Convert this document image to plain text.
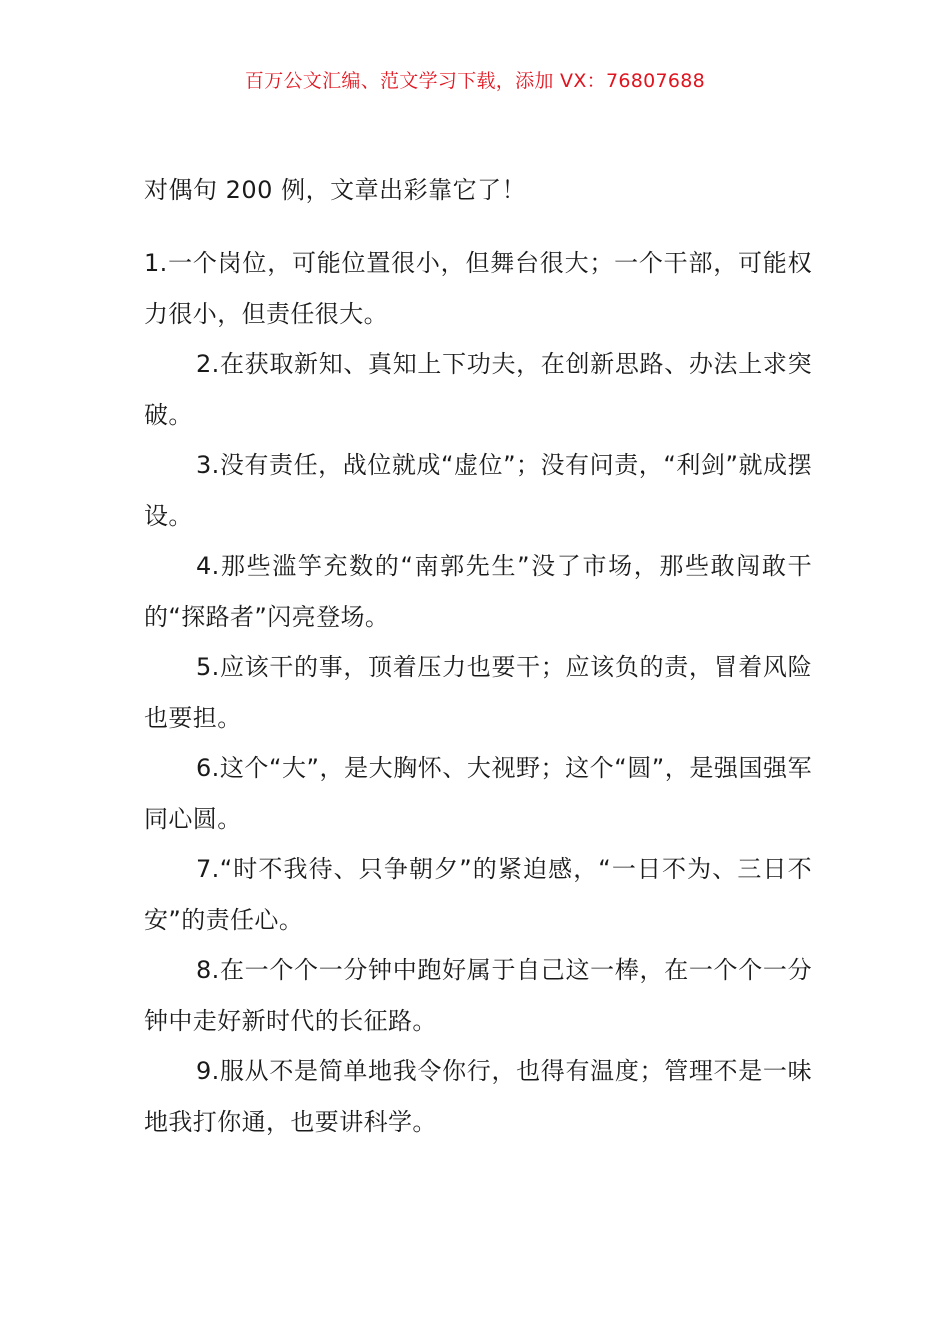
百万公文汇编、范文学习下载，添加 VX：76807688

对偶句 200 例，文章出彩靠它了！

1.一个岗位，可能位置很小，但舞台很大；一个干部，可能权力很小，但责任很大。

2.在获取新知、真知上下功夫，在创新思路、办法上求突破。

3.没有责任，战位就成“虚位”；没有问责，“利剑”就成摆设。

4.那些滥竽充数的“南郭先生”没了市场，那些敢闯敢干的“探路者”闪亮登场。

5.应该干的事，顶着压力也要干；应该负的责，冒着风险也要担。

6.这个“大”，是大胸怀、大视野；这个“圆”，是强国强军同心圆。

7.“时不我待、只争朝夕”的紧迫感，“一日不为、三日不安”的责任心。

8.在一个个一分钟中跑好属于自己这一棒，在一个个一分钟中走好新时代的长征路。

9.服从不是简单地我令你行，也得有温度；管理不是一味地我打你通，也要讲科学。
